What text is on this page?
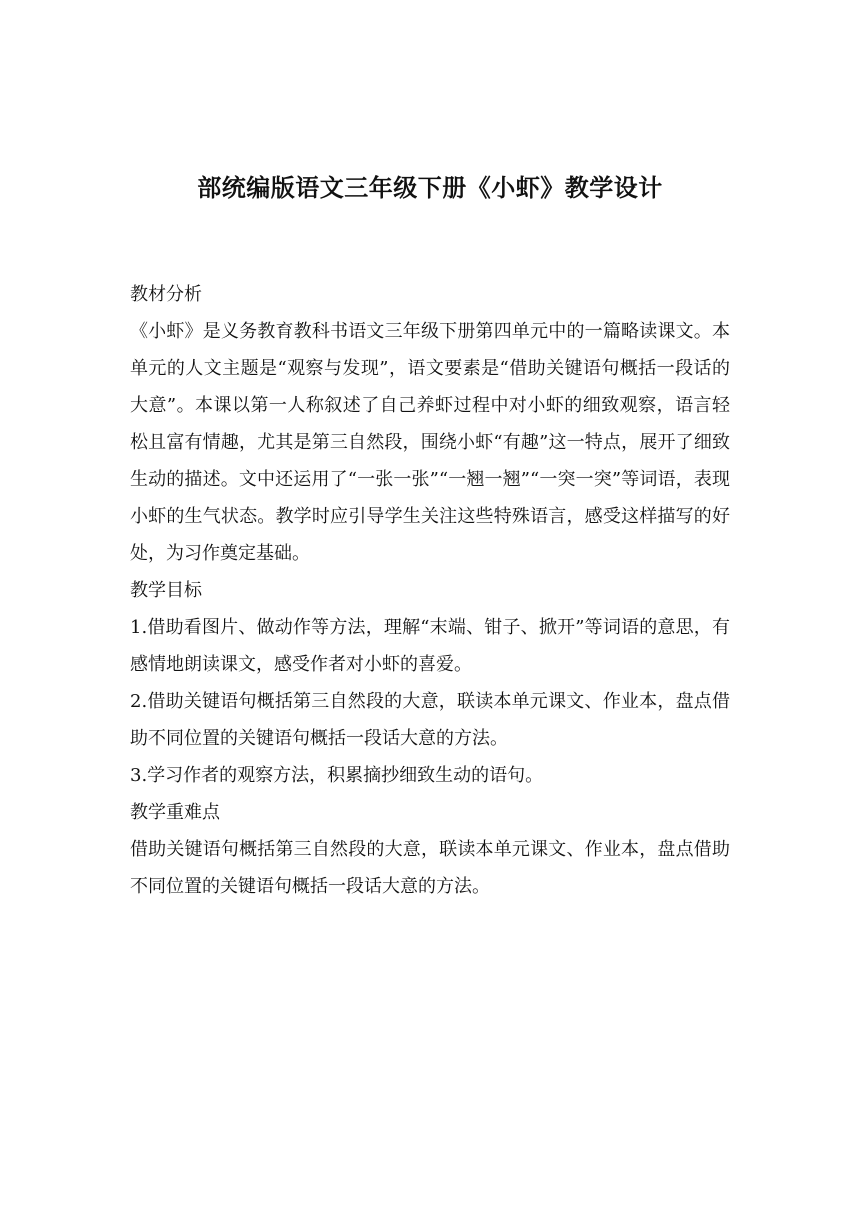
部统编版语文三年级下册《小虾》教学设计

教材分析

《小虾》是义务教育教科书语文三年级下册第四单元中的一篇略读课文。本单元的人文主题是“观察与发现”，语文要素是“借助关键语句概括一段话的大意”。本课以第一人称叙述了自己养虾过程中对小虾的细致观察，语言轻松且富有情趣，尤其是第三自然段，围绕小虾“有趣”这一特点，展开了细致生动的描述。文中还运用了“一张一张”“一翘一翘”“一突一突”等词语，表现小虾的生气状态。教学时应引导学生关注这些特殊语言，感受这样描写的好处，为习作奠定基础。

教学目标

1.借助看图片、做动作等方法，理解“末端、钳子、掀开”等词语的意思，有感情地朗读课文，感受作者对小虾的喜爱。

2.借助关键语句概括第三自然段的大意，联读本单元课文、作业本，盘点借助不同位置的关键语句概括一段话大意的方法。

3.学习作者的观察方法，积累摘抄细致生动的语句。

教学重难点

借助关键语句概括第三自然段的大意，联读本单元课文、作业本，盘点借助不同位置的关键语句概括一段话大意的方法。
